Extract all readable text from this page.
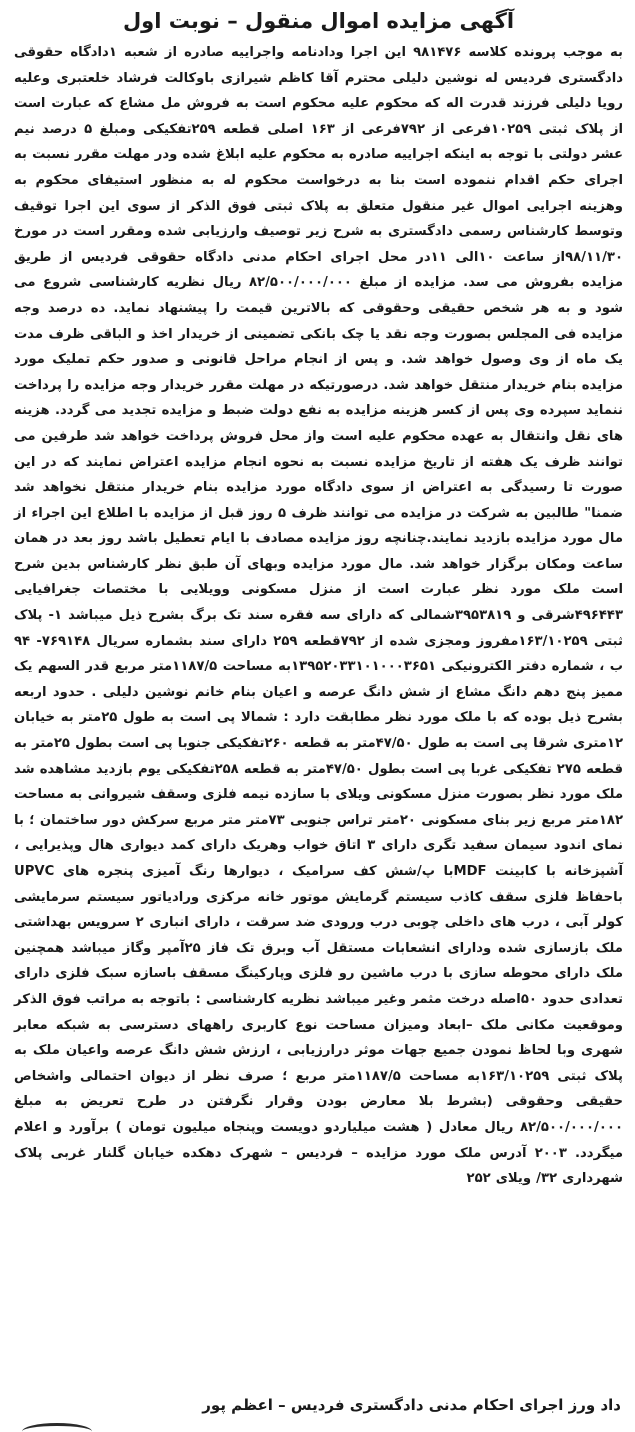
آگهی مزایده اموال منقول – نوبت اول

به موجب پرونده کلاسه ۹۸۱۴۷۶ این اجرا ودادنامه واجراییه صادره از شعبه ۱دادگاه حقوقی دادگستری فردیس له نوشین دلیلی محترم آقا کاظم شیرازی باوکالت فرشاد خلعتبری وعلیه رویا دلیلی فرزند قدرت اله که محکوم علیه محکوم است به فروش مل مشاع که عبارت است از پلاک ثبتی ۱۰۲۵۹فرعی از ۷۹۲فرعی از ۱۶۳ اصلی قطعه ۲۵۹تفکیکی ومبلغ ۵ درصد نیم عشر دولتی با توجه به اینکه اجراییه صادره به محکوم علیه ابلاغ شده ودر مهلت مقرر نسبت به اجرای حکم اقدام ننموده است بنا به درخواست محکوم له به منظور استیفای محکوم به وهزینه اجرایی اموال غیر منقول متعلق به پلاک ثبتی فوق الذکر از سوی این اجرا توقیف وتوسط کارشناس رسمی دادگستری به شرح زیر توصیف وارزیابی شده ومقرر است در مورخ ۹۸/۱۱/۳۰از ساعت ۱۰الی ۱۱در محل اجرای احکام مدنی دادگاه حقوقی فردیس از طریق مزایده بفروش می سد. مزایده از مبلغ ۸۲/۵۰۰/۰۰۰/۰۰۰ ریال نظریه کارشناسی شروع می شود و به هر شخص حقیقی وحقوقی که بالاترین قیمت را پیشنهاد نماید. ده درصد وجه مزایده فی المجلس بصورت وجه نقد یا چک بانکی تضمینی از خریدار اخذ و الباقی ظرف مدت یک ماه از وی وصول خواهد شد. و پس از انجام مراحل قانونی و صدور حکم تملیک مورد مزایده بنام خریدار منتقل خواهد شد. درصورتیکه در مهلت مقرر خریدار وجه مزایده را پرداخت ننماید سپرده وی پس از کسر هزینه مزایده به نفع دولت ضبط و مزایده تجدید می گردد. هزینه های نقل وانتقال به عهده محکوم علیه است واز محل فروش پرداخت خواهد شد طرفین می توانند ظرف یک هفته از تاریخ مزایده نسبت به نحوه انجام مزایده اعتراض نمایند که در این صورت تا رسیدگی به اعتراض از سوی دادگاه مورد مزایده بنام خریدار منتقل نخواهد شد ضمنا" طالبین به شرکت در مزایده می توانند ظرف ۵ روز قبل از مزایده با اطلاع این اجراء از مال مورد مزایده بازدید نمایند.چنانچه روز مزایده مصادف با ایام تعطیل باشد روز بعد در همان ساعت ومکان برگزار خواهد شد. مال مورد مزایده وبهای آن طبق نظر کارشناس بدین شرح است ملک مورد نظر عبارت است از منزل مسکونی وویلایی با مختصات جغرافیایی ۴۹۶۴۴۳شرقی و ۳۹۵۳۸۱۹شمالی که دارای سه فقره سند تک برگ بشرح ذیل میباشد ۱- پلاک ثبتی ۱۶۳/۱۰۲۵۹مفروز ومجزی شده از ۷۹۲قطعه ۲۵۹ دارای سند بشماره سریال ۷۶۹۱۴۸- ۹۴ ب ، شماره دفتر الکترونیکی ۱۳۹۵۲۰۳۳۱۰۱۰۰۰۳۶۵۱به مساحت ۱۱۸۷/۵متر مربع قدر السهم یک ممیز پنج دهم دانگ مشاع از شش دانگ عرصه و اعیان بنام خانم نوشین دلیلی . حدود اربعه بشرح ذیل بوده که با ملک مورد نظر مطابقت دارد : شمالا پی است به طول ۲۵متر به خیابان ۱۲متری شرقا پی است به طول ۴۷/۵۰متر به قطعه ۲۶۰تفکیکی جنوبا پی است بطول ۲۵متر به قطعه ۲۷۵ تفکیکی غربا پی است بطول ۴۷/۵۰متر به قطعه ۲۵۸تفکیکی یوم بازدید مشاهده شد ملک مورد نظر بصورت منزل مسکونی ویلای با سازده نیمه فلزی وسقف شیروانی به مساحت ۱۸۲متر مربع زیر بنای مسکونی ۲۰متر تراس جنوبی ۷۳متر متر مربع سرکش دور ساختمان ؛ با نمای اندود سیمان سفید تگری دارای ۳ اتاق خواب وهریک دارای کمد دیواری هال وپذیرایی ، آشپزخانه با کابینت MDFبا پ/شش کف سرامیک ، دیوارها رنگ آمیزی پنجره های UPVC باحفاظ فلزی سقف کاذب سیستم گرمایش موتور خانه مرکزی ورادیاتور سیستم سرمایشی کولر آبی ، درب های داخلی چوبی درب ورودی ضد سرقت ، دارای انباری ۲ سرویس بهداشتی ملک بازسازی شده ودارای انشعابات مستقل آب وبرق تک فاز ۲۵آمپر وگاز میباشد همچنین ملک دارای محوطه سازی با درب ماشین رو فلزی وپارکینگ مسقف باسازه سبک فلزی دارای تعدادی حدود ۵۰اصله درخت مثمر وغیر میباشد نظریه کارشناسی : باتوجه به مراتب فوق الذکر وموقعیت مکانی ملک –ابعاد ومیزان مساحت نوع کاربری راههای دسترسی به شبکه معابر شهری وبا لحاظ نمودن جمیع جهات موثر درارزیابی ، ارزش شش دانگ عرصه واعیان ملک به پلاک ثبتی ۱۶۳/۱۰۲۵۹به مساحت ۱۱۸۷/۵متر مربع ؛ صرف نظر از دیوان احتمالی واشخاص حقیقی وحقوقی (بشرط بلا معارض بودن وقرار نگرفتن در طرح تعریض به مبلغ ۸۲/۵۰۰/۰۰۰/۰۰۰ ریال معادل ( هشت میلیاردو دویست وپنجاه میلیون تومان ) برآورد و اعلام میگردد. ۲۰۰۳ آدرس ملک مورد مزایده – فردیس – شهرک دهکده خیابان گلنار غربی پلاک شهرداری ۳۲/ ویلای ۲۵۲

داد ورز اجرای احکام مدنی دادگستری فردیس – اعظم پور
